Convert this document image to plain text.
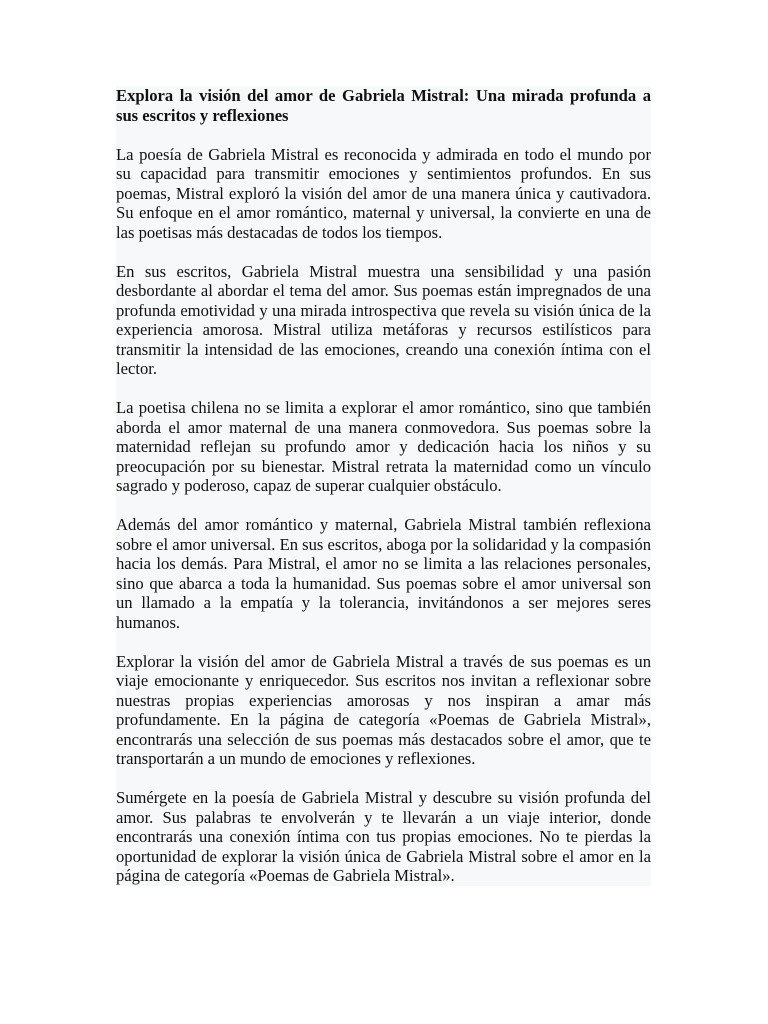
Explora la visión del amor de Gabriela Mistral: Una mirada profunda a sus escritos y reflexiones

La poesía de Gabriela Mistral es reconocida y admirada en todo el mundo por su capacidad para transmitir emociones y sentimientos profundos. En sus poemas, Mistral exploró la visión del amor de una manera única y cautivadora. Su enfoque en el amor romántico, maternal y universal, la convierte en una de las poetisas más destacadas de todos los tiempos.

En sus escritos, Gabriela Mistral muestra una sensibilidad y una pasión desbordante al abordar el tema del amor. Sus poemas están impregnados de una profunda emotividad y una mirada introspectiva que revela su visión única de la experiencia amorosa. Mistral utiliza metáforas y recursos estilísticos para transmitir la intensidad de las emociones, creando una conexión íntima con el lector.

La poetisa chilena no se limita a explorar el amor romántico, sino que también aborda el amor maternal de una manera conmovedora. Sus poemas sobre la maternidad reflejan su profundo amor y dedicación hacia los niños y su preocupación por su bienestar. Mistral retrata la maternidad como un vínculo sagrado y poderoso, capaz de superar cualquier obstáculo.

Además del amor romántico y maternal, Gabriela Mistral también reflexiona sobre el amor universal. En sus escritos, aboga por la solidaridad y la compasión hacia los demás. Para Mistral, el amor no se limita a las relaciones personales, sino que abarca a toda la humanidad. Sus poemas sobre el amor universal son un llamado a la empatía y la tolerancia, invitándonos a ser mejores seres humanos.

Explorar la visión del amor de Gabriela Mistral a través de sus poemas es un viaje emocionante y enriquecedor. Sus escritos nos invitan a reflexionar sobre nuestras propias experiencias amorosas y nos inspiran a amar más profundamente. En la página de categoría «Poemas de Gabriela Mistral», encontrarás una selección de sus poemas más destacados sobre el amor, que te transportarán a un mundo de emociones y reflexiones.

Sumérgete en la poesía de Gabriela Mistral y descubre su visión profunda del amor. Sus palabras te envolverán y te llevarán a un viaje interior, donde encontrarás una conexión íntima con tus propias emociones. No te pierdas la oportunidad de explorar la visión única de Gabriela Mistral sobre el amor en la página de categoría «Poemas de Gabriela Mistral».
